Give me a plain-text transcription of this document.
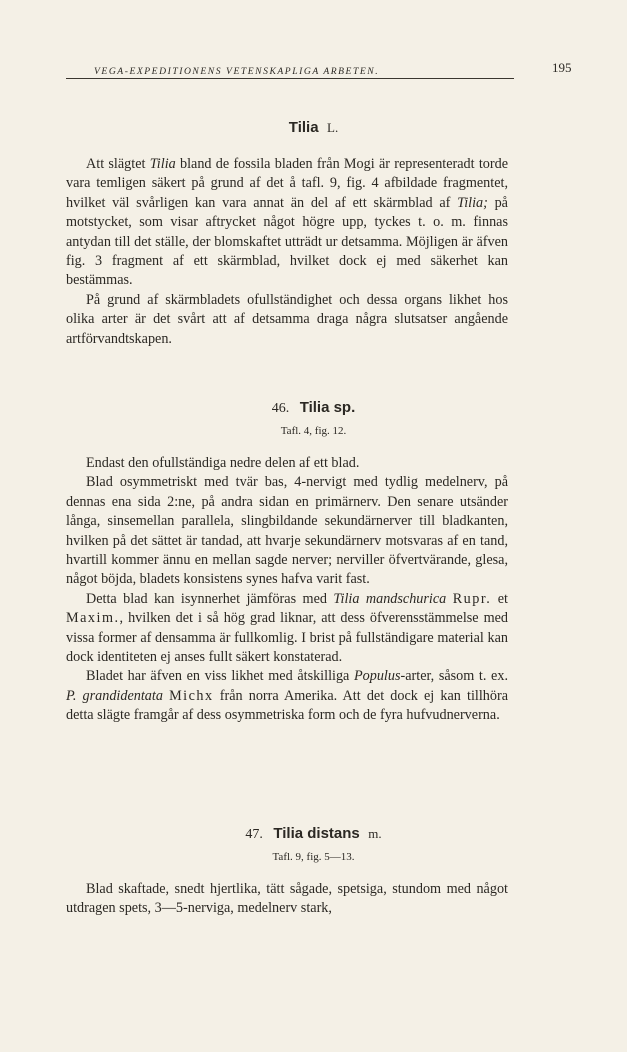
VEGA-EXPEDITIONENS VETENSKAPLIGA ARBETEN.	195
Tilia L.

Att slägtet Tilia bland de fossila bladen från Mogi är representeradt torde vara temligen säkert på grund af det å tafl. 9, fig. 4 afbildade fragmentet, hvilket väl svårligen kan vara annat än del af ett skärmblad af Tilia; på motstycket, som visar aftrycket något högre upp, tyckes t. o. m. finnas antydan till det ställe, der blomskaftet utträdt ur detsamma. Möjligen är äfven fig. 3 fragment af ett skärmblad, hvilket dock ej med säkerhet kan bestämmas.

På grund af skärmbladets ofullständighet och dessa organs likhet hos olika arter är det svårt att af detsamma draga några slutsatser angående artförvandtskapen.

46. Tilia sp.
Tafl. 4, fig. 12.

Endast den ofullständiga nedre delen af ett blad.

Blad osymmetriskt med tvär bas, 4-nervigt med tydlig medelnerv, på dennas ena sida 2:ne, på andra sidan en primärnerv. Den senare utsänder långa, sinsemellan parallela, slingbildande sekundärnerver till bladkanten, hvilken på det sättet är tandad, att hvarje sekundärnerv motsvaras af en tand, hvartill kommer ännu en mellan sagde nerver; nerviller öfvertvärande, glesa, något böjda, bladets konsistens synes hafva varit fast.

Detta blad kan isynnerhet jämföras med Tilia mandschurica Rupr. et Maxim., hvilken det i så hög grad liknar, att dess öfverensstämmelse med vissa former af densamma är fullkomlig. I brist på fullständigare material kan dock identiteten ej anses fullt säkert konstaterad.

Bladet har äfven en viss likhet med åtskilliga Populus-arter, såsom t. ex. P. grandidentata Michx från norra Amerika. Att det dock ej kan tillhöra detta slägte framgår af dess osymmetriska form och de fyra hufvudnerverna.

47. Tilia distans m.
Tafl. 9, fig. 5—13.

Blad skaftade, snedt hjertlika, tätt sågade, spetsiga, stundom med något utdragen spets, 3—5-nerviga, medelnerv stark,
